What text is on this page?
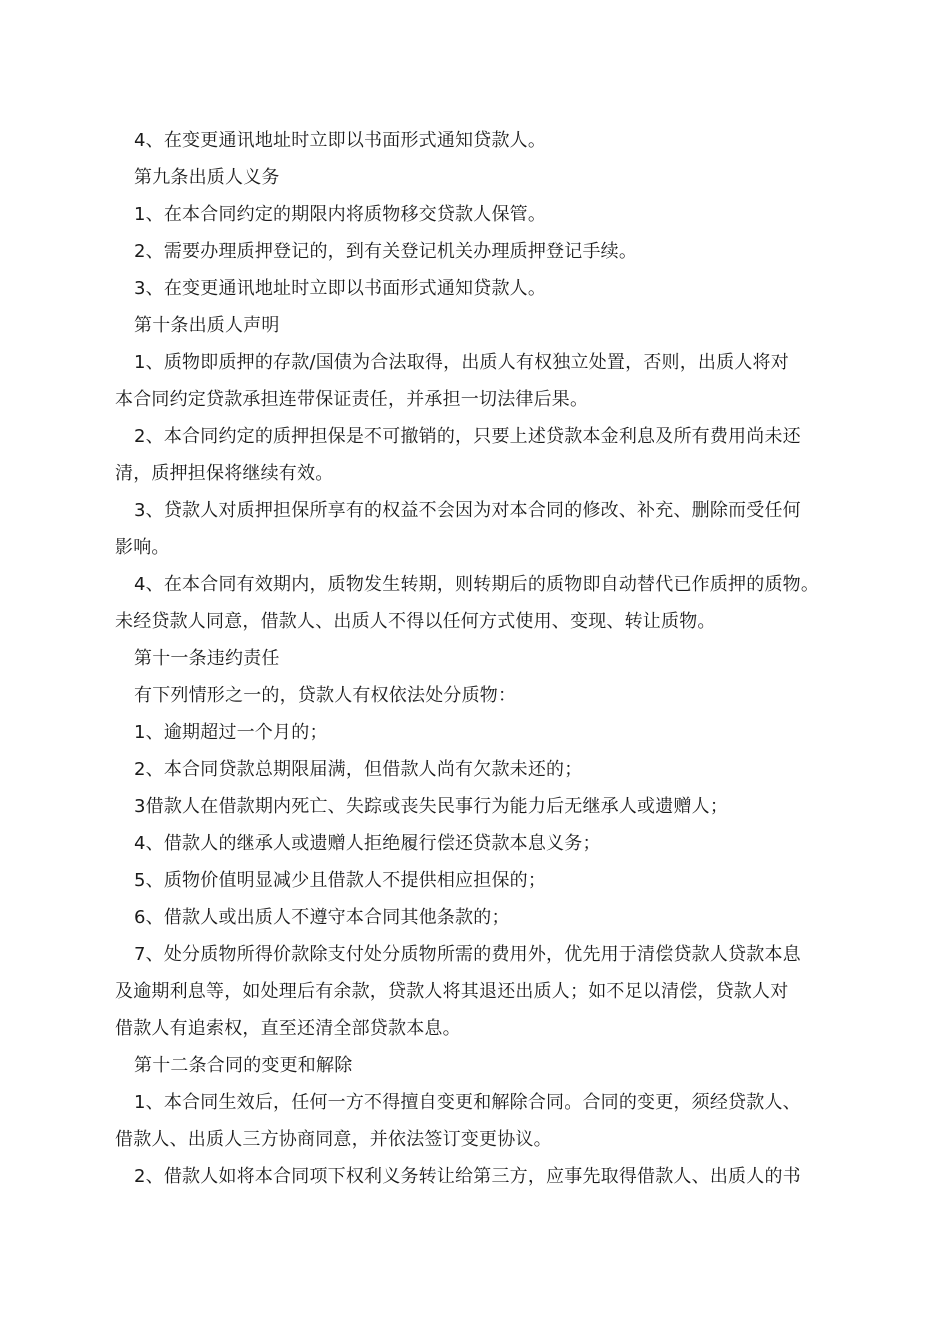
4、在变更通讯地址时立即以书面形式通知贷款人。
第九条出质人义务
1、在本合同约定的期限内将质物移交贷款人保管。
2、需要办理质押登记的，到有关登记机关办理质押登记手续。
3、在变更通讯地址时立即以书面形式通知贷款人。
第十条出质人声明
1、质物即质押的存款/国债为合法取得，出质人有权独立处置，否则，出质人将对
本合同约定贷款承担连带保证责任，并承担一切法律后果。
2、本合同约定的质押担保是不可撤销的，只要上述贷款本金利息及所有费用尚未还
清，质押担保将继续有效。
3、贷款人对质押担保所享有的权益不会因为对本合同的修改、补充、删除而受任何
影响。
4、在本合同有效期内，质物发生转期，则转期后的质物即自动替代已作质押的质物。
未经贷款人同意，借款人、出质人不得以任何方式使用、变现、转让质物。
第十一条违约责任
有下列情形之一的，贷款人有权依法处分质物：
1、逾期超过一个月的；
2、本合同贷款总期限届满，但借款人尚有欠款未还的；
3借款人在借款期内死亡、失踪或丧失民事行为能力后无继承人或遗赠人；
4、借款人的继承人或遗赠人拒绝履行偿还贷款本息义务；
5、质物价值明显减少且借款人不提供相应担保的；
6、借款人或出质人不遵守本合同其他条款的；
7、处分质物所得价款除支付处分质物所需的费用外，优先用于清偿贷款人贷款本息
及逾期利息等，如处理后有余款，贷款人将其退还出质人；如不足以清偿，贷款人对
借款人有追索权，直至还清全部贷款本息。
第十二条合同的变更和解除
1、本合同生效后，任何一方不得擅自变更和解除合同。合同的变更，须经贷款人、
借款人、出质人三方协商同意，并依法签订变更协议。
2、借款人如将本合同项下权利义务转让给第三方，应事先取得借款人、出质人的书
